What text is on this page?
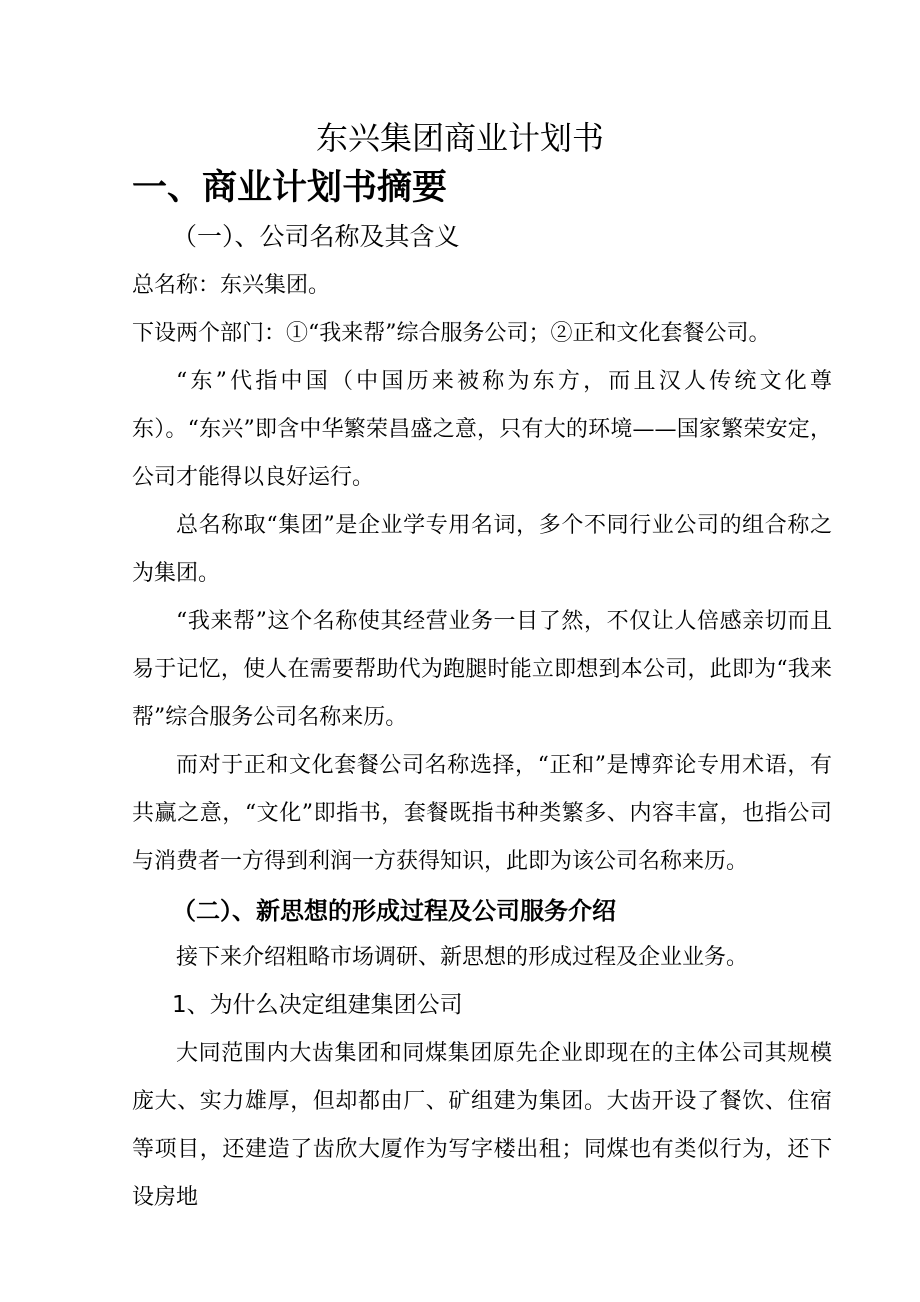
东兴集团商业计划书
一、商业计划书摘要
（一）、公司名称及其含义
总名称：东兴集团。
下设两个部门：①“我来帮”综合服务公司；②正和文化套餐公司。
“东”代指中国（中国历来被称为东方，而且汉人传统文化尊东）。“东兴”即含中华繁荣昌盛之意，只有大的环境——国家繁荣安定，公司才能得以良好运行。
总名称取“集团”是企业学专用名词，多个不同行业公司的组合称之为集团。
“我来帮”这个名称使其经营业务一目了然，不仅让人倍感亲切而且易于记忆，使人在需要帮助代为跑腿时能立即想到本公司，此即为“我来帮”综合服务公司名称来历。
而对于正和文化套餐公司名称选择，“正和”是博弈论专用术语，有共赢之意，“文化”即指书，套餐既指书种类繁多、内容丰富，也指公司与消费者一方得到利润一方获得知识，此即为该公司名称来历。
（二）、新思想的形成过程及公司服务介绍
接下来介绍粗略市场调研、新思想的形成过程及企业业务。
1、为什么决定组建集团公司
大同范围内大齿集团和同煤集团原先企业即现在的主体公司其规模庞大、实力雄厚，但却都由厂、矿组建为集团。大齿开设了餐饮、住宿等项目，还建造了齿欣大厦作为写字楼出租；同煤也有类似行为，还下设房地
